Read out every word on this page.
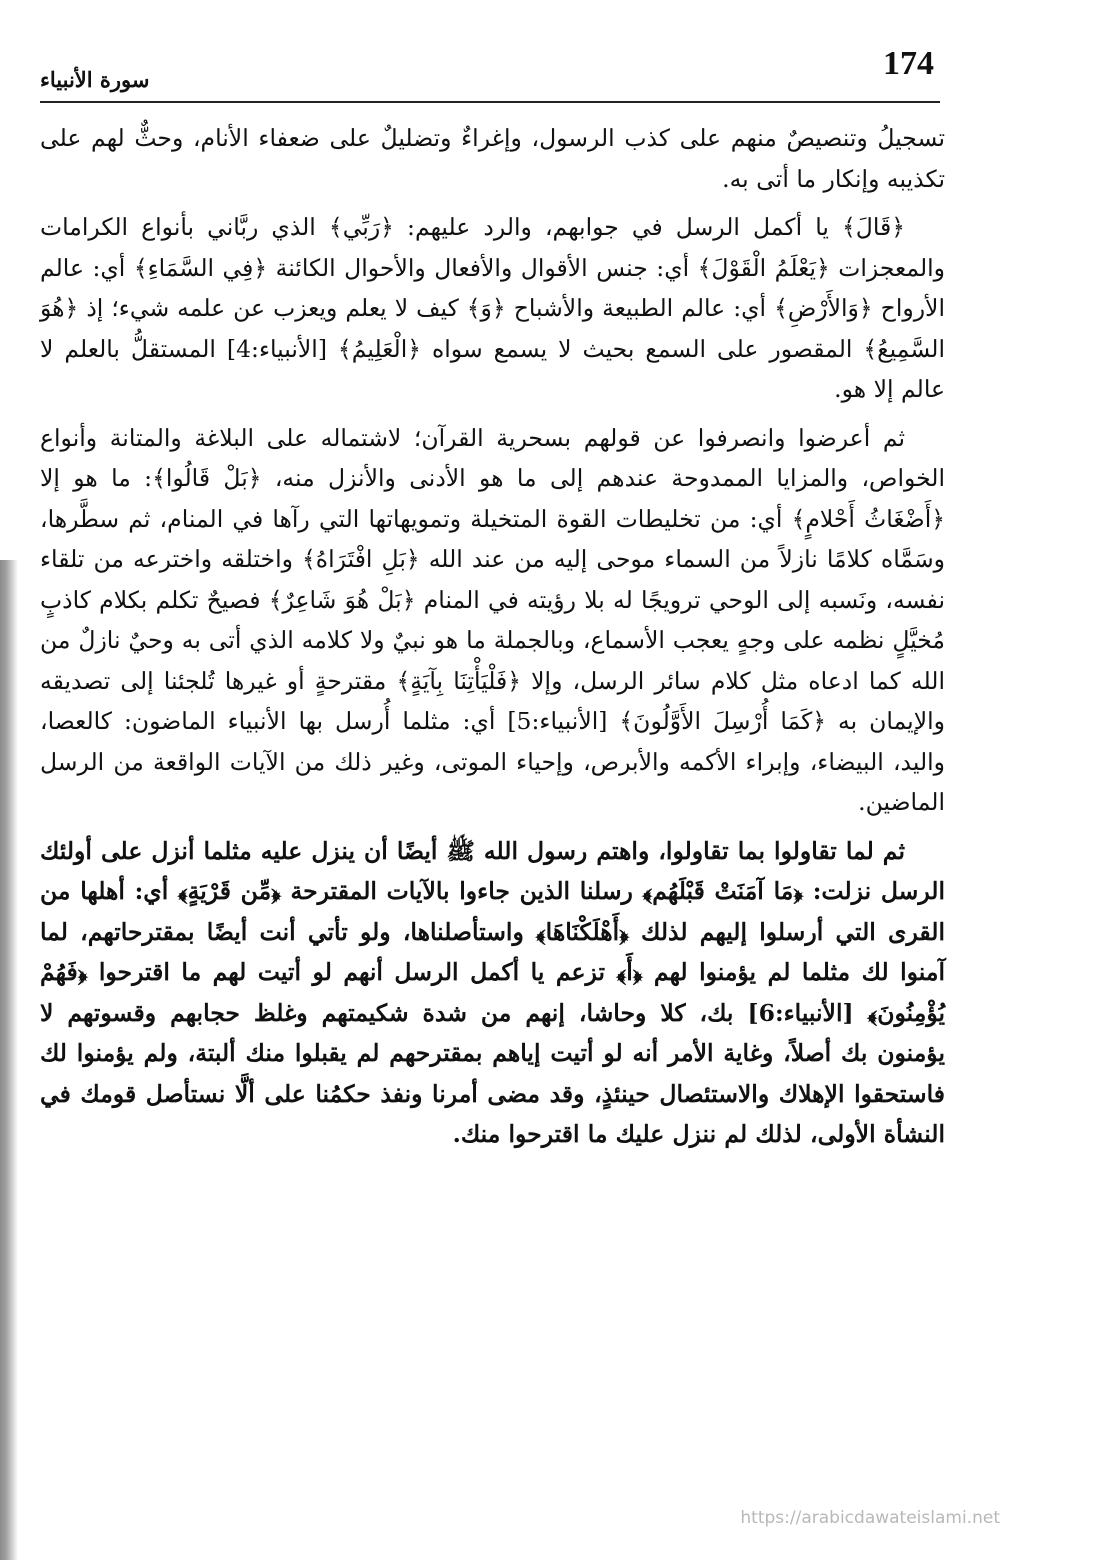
174
سورة الأنبياء

تسجيلُ وتنصيصٌ منهم على كذب الرسول، وإغراءٌ وتضليلٌ على ضعفاء الأنام، وحثٌّ لهم على تكذيبه وإنكار ما أتى به.

﴿قَالَ﴾ يا أكمل الرسل في جوابهم، والرد عليهم: ﴿رَبِّي﴾ الذي ربَّاني بأنواع الكرامات والمعجزات ﴿يَعْلَمُ الْقَوْلَ﴾ أي: جنس الأقوال والأفعال والأحوال الكائنة ﴿فِي السَّمَاءِ﴾ أي: عالم الأرواح ﴿وَالأَرْضِ﴾ أي: عالم الطبيعة والأشباح ﴿وَ﴾ كيف لا يعلم ويعزب عن علمه شيء؛ إذ ﴿هُوَ السَّمِيعُ﴾ المقصور على السمع بحيث لا يسمع سواه ﴿الْعَلِيمُ﴾ [الأنبياء:4] المستقلُّ بالعلم لا عالم إلا هو.

ثم أعرضوا وانصرفوا عن قولهم بسحرية القرآن؛ لاشتماله على البلاغة والمتانة وأنواع الخواص، والمزايا الممدوحة عندهم إلى ما هو الأدنى والأنزل منه، ﴿بَلْ قَالُوا﴾: ما هو إلا ﴿أَضْغَاثُ أَحْلامٍ﴾ أي: من تخليطات القوة المتخيلة وتمويهاتها التي رآها في المنام، ثم سطَّرها، وسَمَّاه كلامًا نازلاً من السماء موحى إليه من عند الله ﴿بَلِ افْتَرَاهُ﴾ واختلقه واخترعه من تلقاء نفسه، ونَسبه إلى الوحي ترويجًا له بلا رؤيته في المنام ﴿بَلْ هُوَ شَاعِرٌ﴾ فصيحٌ تكلم بكلام كاذبٍ مُخيَّلٍ نظمه على وجهٍ يعجب الأسماع، وبالجملة ما هو نبيٌ ولا كلامه الذي أتى به وحيٌ نازلٌ من الله كما ادعاه مثل كلام سائر الرسل، وإلا ﴿فَلْيَأْتِنَا بِآيَةٍ﴾ مقترحةٍ أو غيرها تُلجئنا إلى تصديقه والإيمان به ﴿كَمَا أُرْسِلَ الأَوَّلُونَ﴾ [الأنبياء:5] أي: مثلما أُرسل بها الأنبياء الماضون: كالعصا، واليد، البيضاء، وإبراء الأكمه والأبرص، وإحياء الموتى، وغير ذلك من الآيات الواقعة من الرسل الماضين.

ثم لما تقاولوا بما تقاولوا، واهتم رسول الله ﷺ أيضًا أن ينزل عليه مثلما أنزل على أولئك الرسل نزلت: ﴿مَا آمَنَتْ قَبْلَهُم﴾ رسلنا الذين جاءوا بالآيات المقترحة ﴿مِّن قَرْيَةٍ﴾ أي: أهلها من القرى التي أرسلوا إليهم لذلك ﴿أَهْلَكْنَاهَا﴾ واستأصلناها، ولو تأتي أنت أيضًا بمقترحاتهم، لما آمنوا لك مثلما لم يؤمنوا لهم ﴿أَ﴾ تزعم يا أكمل الرسل أنهم لو أتيت لهم ما اقترحوا ﴿فَهُمْ يُؤْمِنُونَ﴾ [الأنبياء:6] بك، كلا وحاشا، إنهم من شدة شكيمتهم وغلظ حجابهم وقسوتهم لا يؤمنون بك أصلاً، وغاية الأمر أنه لو أتيت إياهم بمقترحهم لم يقبلوا منك ألبتة، ولم يؤمنوا لك فاستحقوا الإهلاك والاستئصال حينئذٍ، وقد مضى أمرنا ونفذ حكمُنا على ألَّا نستأصل قومك في النشأة الأولى، لذلك لم ننزل عليك ما اقترحوا منك.

https://arabicdawateislami.net
